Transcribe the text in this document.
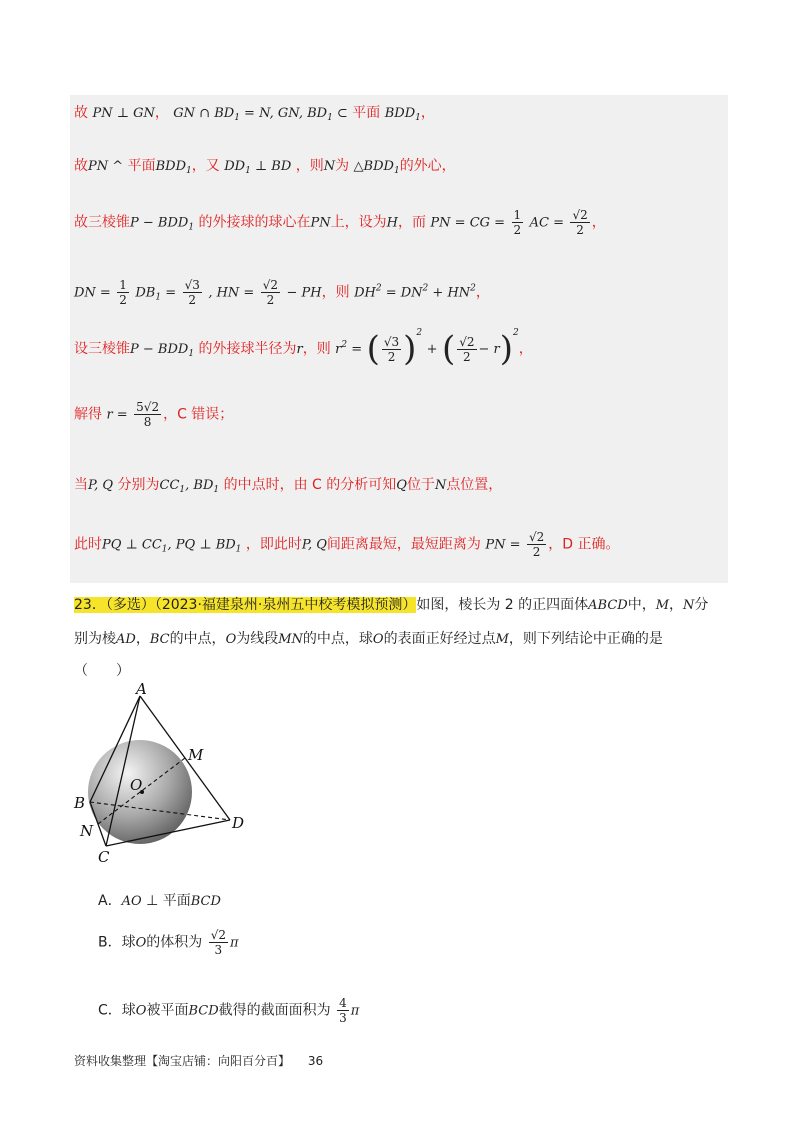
故 PN ⊥ GN， GN ∩ $BD_1 = N$, GN, $BD_1$ ⊂ 平面 $BDD_1$，
故PN ^ 平面$BDD_1$，又 $DD_1$ ⊥ BD ，则N为 $\triangle BDD_1$的外心，
故三棱锥$P - BDD_1$ 的外接球的球心在PN上，设为H，而 PN = CG = $\frac{1}{2}$ AC = $\frac{√2}{2}$ ，
DN = $\frac{1}{2} DB_1 = \frac{√3}{2}$ , HN = $\frac{√2}{2}$ − PH，则 $DH^2 = DN^2 + HN^2$，
设三棱锥$P - BDD_1$ 的外接球半径为r，则 $r^2$ = ( $\frac{√3}{2} )^2$ + ( $\frac{√2}{2} - r)^2$，
解得 $r = \frac{5√2}{8}$ ，C 错误；
当P, Q 分别为$CC_1$, $BD_1$ 的中点时，由 C 的分析可知Q位于N点位置，
此时PQ ⊥ $CC_1$, PQ ⊥ $BD_1$ ，即此时P, Q间距离最短，最短距离为 PN = $\frac{√2}{2}$ ，D 正确。
23．（多选）（2023·福建泉州·泉州五中校考模拟预测）如图，棱长为 2 的正四面体ABCD中，M，N分
别为棱AD，BC的中点，O为线段MN的中点，球O的表面正好经过点M，则下列结论中正确的是
（　　）
A
B
C
D
M
N
O
A．AO ⊥ 平面BCD
B．球O的体积为 $\frac{√2}{3}$ π
C．球O被平面BCD截得的截面面积为 $\frac{4}{3}$ π
资料收集整理【淘宝店铺：向阳百分百】 36
